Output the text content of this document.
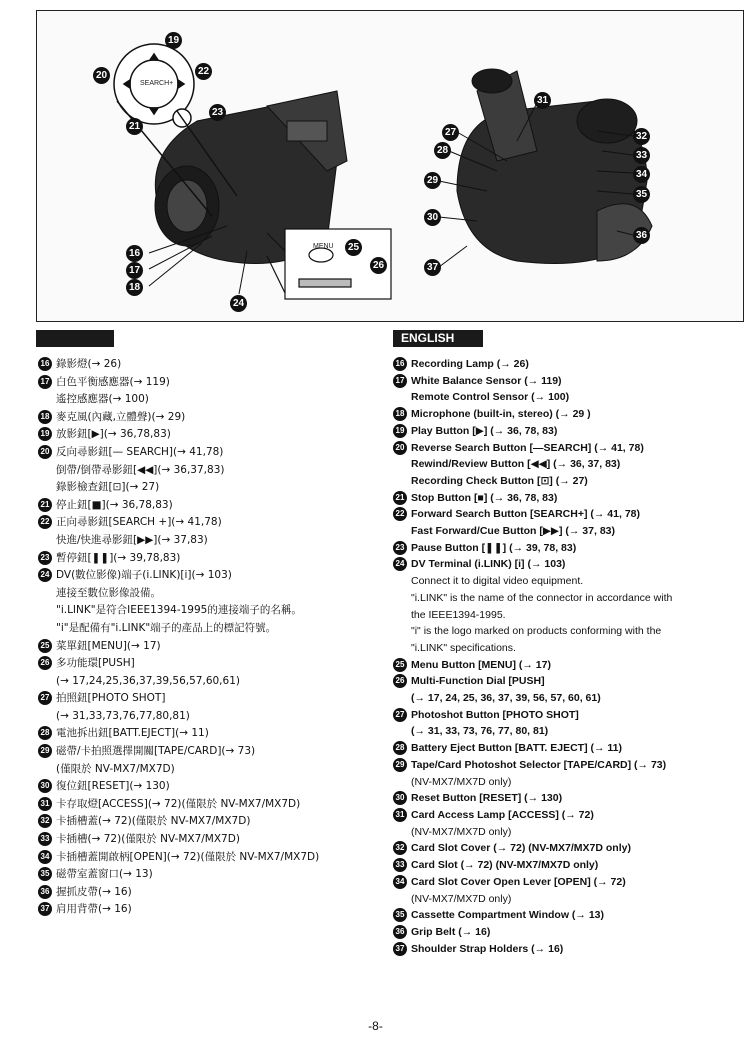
SEARCH+
MENU
19
20	22
23
21
16
17
18
24
25
26
31
27
28
29
30
37
32
33
34
35
36
ENGLISH
16 錄影燈(→ 26)
17 白色平衡感應器(→ 119)
遙控感應器(→ 100)
18 麥克風(內藏,立體聲)(→ 29)
19 放影鈕[▶](→ 36,78,83)
20 反向尋影鈕[— SEARCH](→ 41,78)
倒帶/倒帶尋影鈕[◀◀](→ 36,37,83)
錄影檢查鈕[⊡](→ 27)
21 停止鈕[■](→ 36,78,83)
22 正向尋影鈕[SEARCH +](→ 41,78)
快進/快進尋影鈕[▶▶](→ 37,83)
23 暫停鈕[❚❚](→ 39,78,83)
24 DV(數位影像)端子(i.LINK)[i](→ 103)
連接至數位影像設備。
"i.LINK"是符合IEEE1394-1995的連接端子的名稱。
"i"是配備有"i.LINK"端子的產品上的標記符號。
25 菜單鈕[MENU](→ 17)
26 多功能環[PUSH]
(→ 17,24,25,36,37,39,56,57,60,61)
27 拍照鈕[PHOTO SHOT]
(→ 31,33,73,76,77,80,81)
28 電池拆出鈕[BATT.EJECT](→ 11)
29 磁帶/卡拍照選擇開關[TAPE/CARD](→ 73)
(僅限於 NV-MX7/MX7D)
30 復位鈕[RESET](→ 130)
31 卡存取燈[ACCESS](→ 72)(僅限於 NV-MX7/MX7D)
32 卡插槽蓋(→ 72)(僅限於 NV-MX7/MX7D)
33 卡插槽(→ 72)(僅限於 NV-MX7/MX7D)
34 卡插槽蓋開啟柄[OPEN](→ 72)(僅限於 NV-MX7/MX7D)
35 磁帶室蓋窗口(→ 13)
36 握抓皮帶(→ 16)
37 肩用背帶(→ 16)
16 Recording Lamp (→ 26)
17 White Balance Sensor (→ 119)
Remote Control Sensor (→ 100)
18 Microphone (built-in, stereo) (→ 29 )
19 Play Button [▶] (→ 36, 78, 83)
20 Reverse Search Button [—SEARCH] (→ 41, 78)
Rewind/Review Button [◀◀] (→ 36, 37, 83)
Recording Check Button [⊡] (→ 27)
21 Stop Button [■] (→ 36, 78, 83)
22 Forward Search Button [SEARCH+] (→ 41, 78)
Fast Forward/Cue Button [▶▶] (→ 37, 83)
23 Pause Button [❚❚] (→ 39, 78, 83)
24 DV Terminal (i.LINK) [i] (→ 103)
Connect it to digital video equipment.
"i.LINK" is the name of the connector in accordance with
the IEEE1394-1995.
"i" is the logo marked on products conforming with the
"i.LINK" specifications.
25 Menu Button [MENU] (→ 17)
26 Multi-Function Dial [PUSH]
(→ 17, 24, 25, 36, 37, 39, 56, 57, 60, 61)
27 Photoshot Button [PHOTO SHOT]
(→ 31, 33, 73, 76, 77, 80, 81)
28 Battery Eject Button [BATT. EJECT] (→ 11)
29 Tape/Card Photoshot Selector [TAPE/CARD] (→ 73)
(NV-MX7/MX7D only)
30 Reset Button [RESET] (→ 130)
31 Card Access Lamp [ACCESS] (→ 72)
(NV-MX7/MX7D only)
32 Card Slot Cover (→ 72) (NV-MX7/MX7D only)
33 Card Slot (→ 72) (NV-MX7/MX7D only)
34 Card Slot Cover Open Lever [OPEN] (→ 72)
(NV-MX7/MX7D only)
35 Cassette Compartment Window (→ 13)
36 Grip Belt (→ 16)
37 Shoulder Strap Holders (→ 16)
-8-
